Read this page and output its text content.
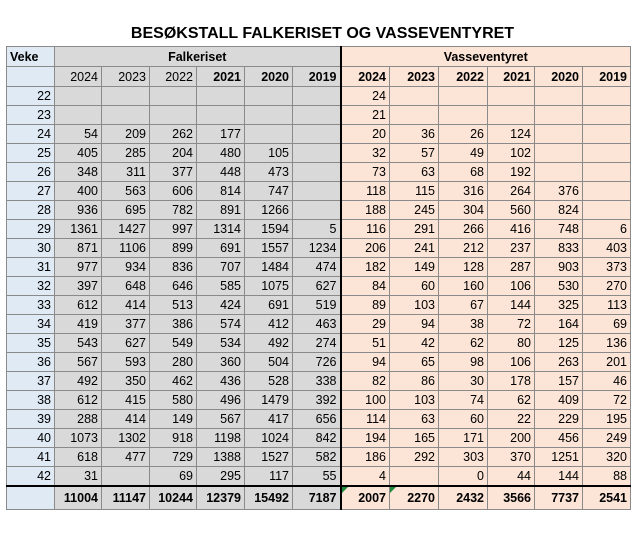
BESØKSTALL FALKERISET OG VASSEVENTYRET
Veke	Falkeriset						Vasseventyret					
	2024	2023	2022	2021	2020	2019	2024	2023	2022	2021	2020	2019
22							24					
23							21					
24	54	209	262	177			20	36	26	124		
25	405	285	204	480	105		32	57	49	102		
26	348	311	377	448	473		73	63	68	192		
27	400	563	606	814	747		118	115	316	264	376	
28	936	695	782	891	1266		188	245	304	560	824	
29	1361	1427	997	1314	1594	5	116	291	266	416	748	6
30	871	1106	899	691	1557	1234	206	241	212	237	833	403
31	977	934	836	707	1484	474	182	149	128	287	903	373
32	397	648	646	585	1075	627	84	60	160	106	530	270
33	612	414	513	424	691	519	89	103	67	144	325	113
34	419	377	386	574	412	463	29	94	38	72	164	69
35	543	627	549	534	492	274	51	42	62	80	125	136
36	567	593	280	360	504	726	94	65	98	106	263	201
37	492	350	462	436	528	338	82	86	30	178	157	46
38	612	415	580	496	1479	392	100	103	74	62	409	72
39	288	414	149	567	417	656	114	63	60	22	229	195
40	1073	1302	918	1198	1024	842	194	165	171	200	456	249
41	618	477	729	1388	1527	582	186	292	303	370	1251	320
42	31		69	295	117	55	4		0	44	144	88
	11004	11147	10244	12379	15492	7187	2007	2270	2432	3566	7737	2541
